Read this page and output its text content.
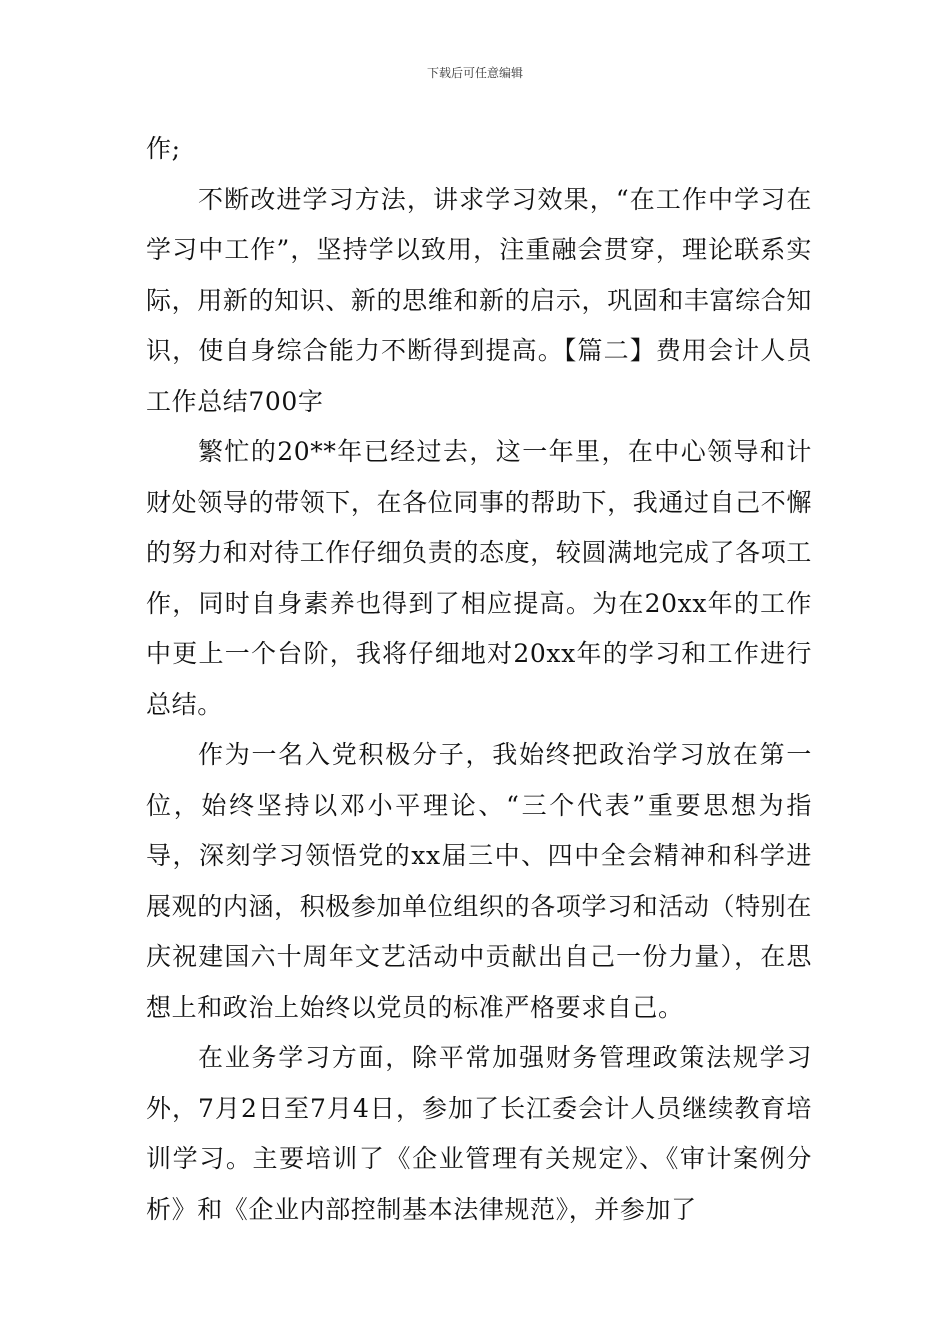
下载后可任意编辑

作;

不断改进学习方法，讲求学习效果，“在工作中学习在学习中工作”，坚持学以致用，注重融会贯穿，理论联系实际，用新的知识、新的思维和新的启示，巩固和丰富综合知识，使自身综合能力不断得到提高。【篇二】费用会计人员工作总结700字

繁忙的20**年已经过去，这一年里，在中心领导和计财处领导的带领下，在各位同事的帮助下，我通过自己不懈的努力和对待工作仔细负责的态度，较圆满地完成了各项工作，同时自身素养也得到了相应提高。为在20xx年的工作中更上一个台阶，我将仔细地对20xx年的学习和工作进行总结。

作为一名入党积极分子，我始终把政治学习放在第一位，始终坚持以邓小平理论、“三个代表”重要思想为指导，深刻学习领悟党的xx届三中、四中全会精神和科学进展观的内涵，积极参加单位组织的各项学习和活动（特别在庆祝建国六十周年文艺活动中贡献出自己一份力量），在思想上和政治上始终以党员的标准严格要求自己。

在业务学习方面，除平常加强财务管理政策法规学习外，7月2日至7月4日，参加了长江委会计人员继续教育培训学习。主要培训了《企业管理有关规定》、《审计案例分析》和《企业内部控制基本法律规范》，并参加了
